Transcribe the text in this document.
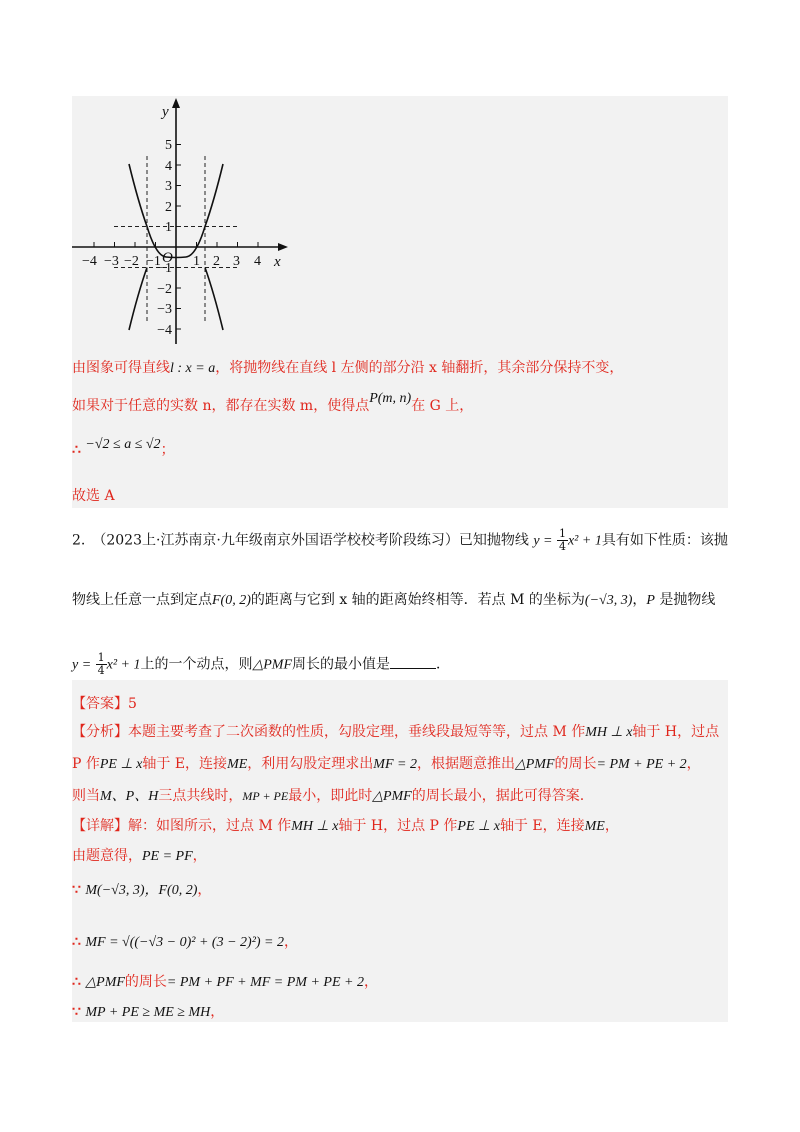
y
x
O
−4 −3 −2 −1 1 2 3 4
5
4
3
2
1
−1
−2
−3
−4
由图象可得直线l : x = a，将抛物线在直线 l 左侧的部分沿 x 轴翻折，其余部分保持不变，
如果对于任意的实数 n，都存在实数 m，使得点P(m, n)在 G 上，
∴ −√2 ≤ a ≤ √2；
故选 A
2.　（2023上·江苏南京·九年级南京外国语学校校考阶段练习）已知抛物线 $y = \frac{1}{4} x^2 + 1$具有如下性质：该抛
物线上任意一点到定点F(0, 2)的距离与它到 x 轴的距离始终相等．若点 M 的坐标为(−√3, 3)，P 是抛物线
$y = \frac{1}{4} x^2 + 1$上的一个动点，则△PMF周长的最小值是	．
【答案】5
【分析】本题主要考查了二次函数的性质，勾股定理，垂线段最短等等，过点 M 作MH ⊥ x轴于 H，过点
P 作PE ⊥ x轴于 E，连接ME，利用勾股定理求出MF = 2，根据题意推出△PMF的周长= PM + PE + 2，
则当M、P、H三点共线时，MP + PE最小，即此时△PMF的周长最小，据此可得答案.
【详解】解：如图所示，过点 M 作MH ⊥ x轴于 H，过点 P 作PE ⊥ x轴于 E，连接ME，
由题意得，PE = PF，
∵ M(−√3, 3)，F(0, 2)，
∴ MF = √((−√3 − 0)² + (3 − 2)²) = 2，
∴ △PMF的周长= PM + PF + MF = PM + PE + 2，
∵ MP + PE ≥ ME ≥ MH，
